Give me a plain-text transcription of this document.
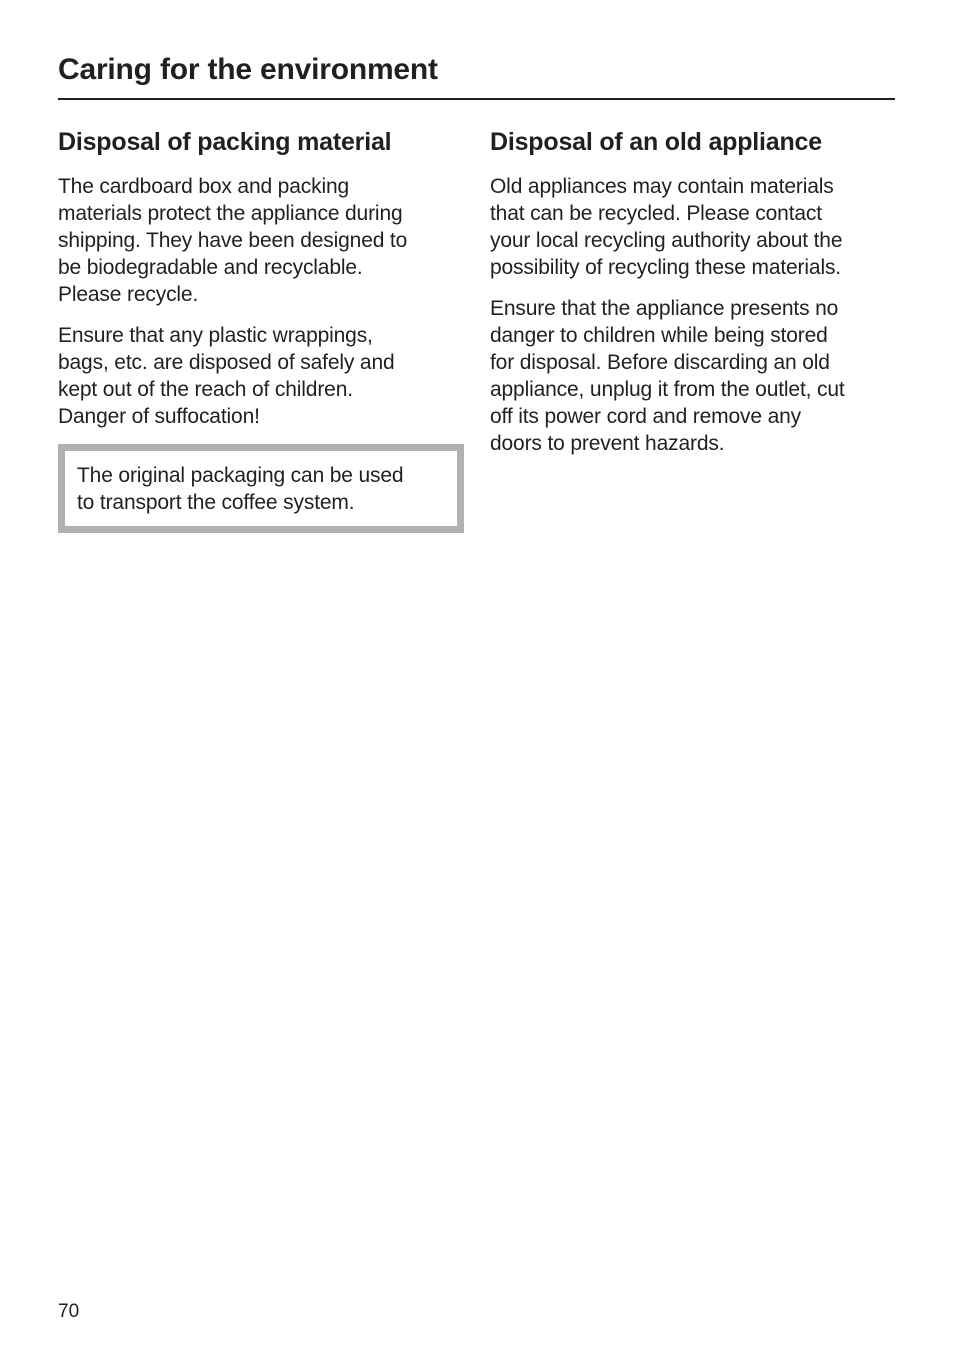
Caring for the environment
Disposal of packing material

The cardboard box and packing
materials protect the appliance during
shipping. They have been designed to
be biodegradable and recyclable.
Please recycle.

Ensure that any plastic wrappings,
bags, etc. are disposed of safely and
kept out of the reach of children.
Danger of suffocation!

The original packaging can be used
to transport the coffee system.

Disposal of an old appliance

Old appliances may contain materials
that can be recycled. Please contact
your local recycling authority about the
possibility of recycling these materials.

Ensure that the appliance presents no
danger to children while being stored
for disposal. Before discarding an old
appliance, unplug it from the outlet, cut
off its power cord and remove any
doors to prevent hazards.

70
